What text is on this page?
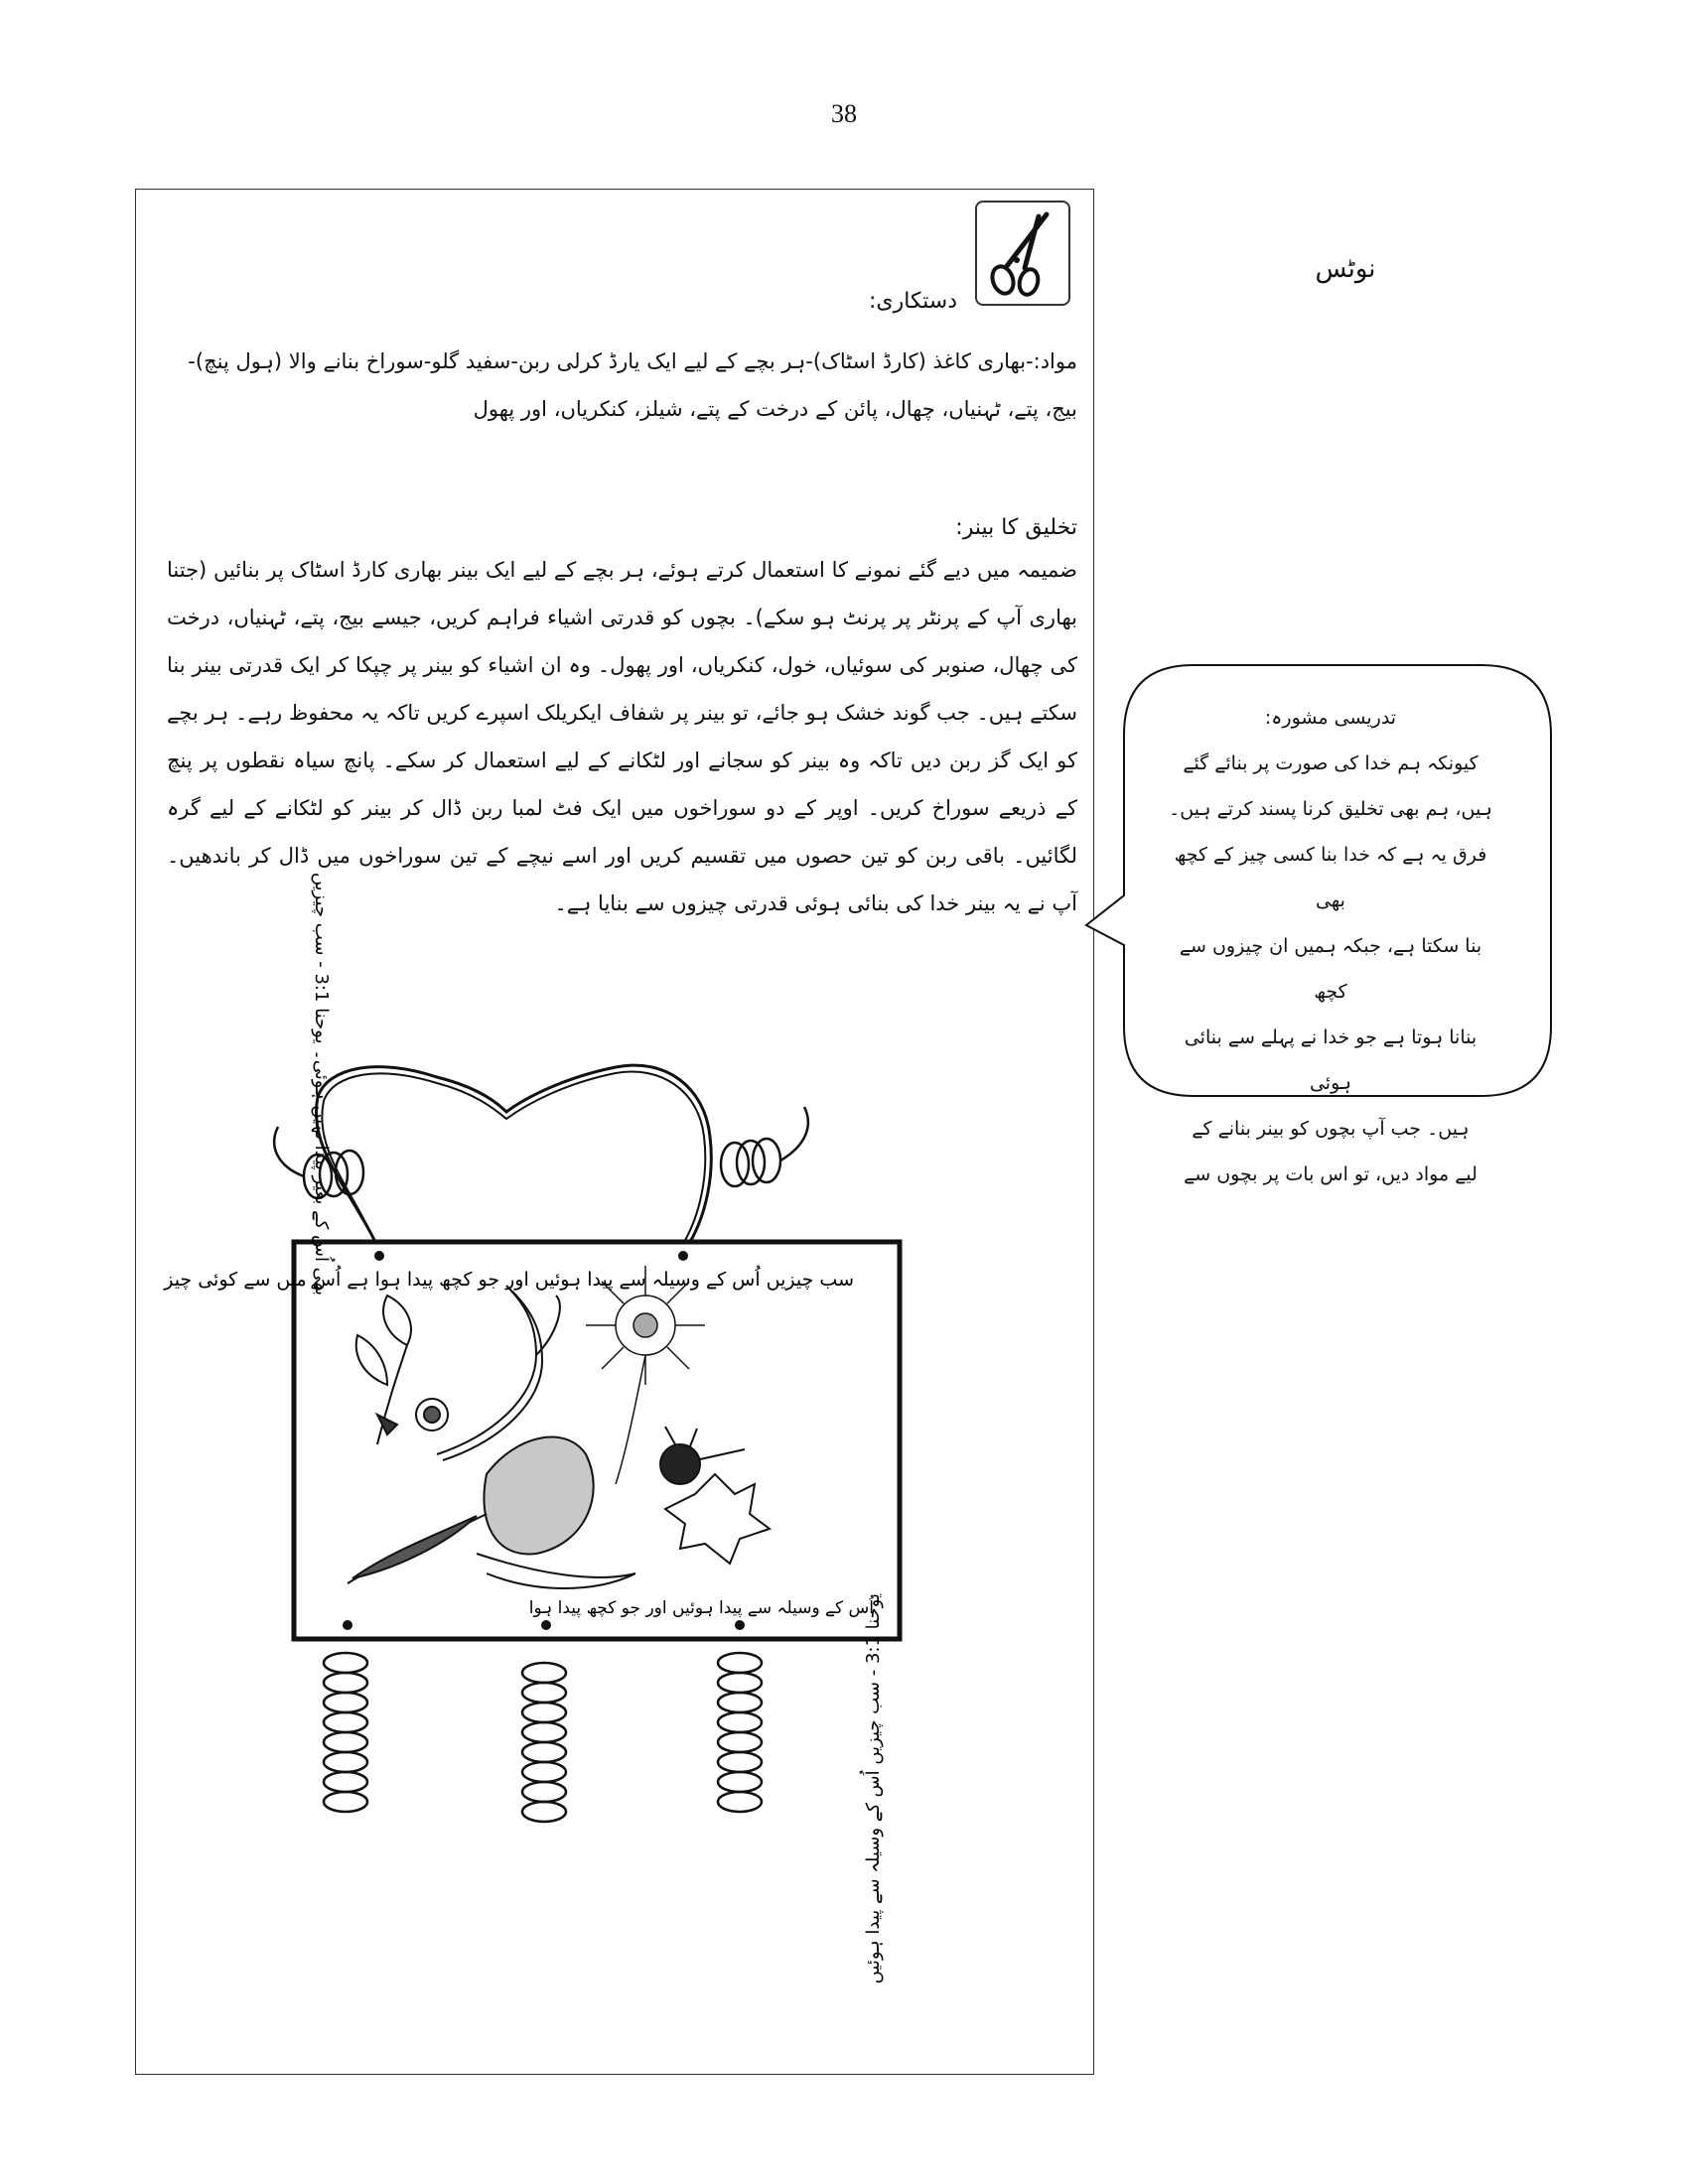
38
نوٹس
دستکاری:
مواد:-بھاری کاغذ (کارڈ اسٹاک)-ہر بچے کے لیے ایک یارڈ کرلی ربن-سفید گلو-سوراخ بنانے والا (ہول پنچ)-بیج، پتے، ٹہنیاں، چھال، پائن کے درخت کے پتے، شیلز، کنکریاں، اور پھول
تخلیق کا بینر:
ضمیمہ میں دیے گئے نمونے کا استعمال کرتے ہوئے، ہر بچے کے لیے ایک بینر بھاری کارڈ اسٹاک پر بنائیں (جتنا بھاری آپ کے پرنٹر پر پرنٹ ہو سکے)۔ بچوں کو قدرتی اشیاء فراہم کریں، جیسے بیج، پتے، ٹہنیاں، درخت کی چھال، صنوبر کی سوئیاں، خول، کنکریاں، اور پھول۔ وہ ان اشیاء کو بینر پر چپکا کر ایک قدرتی بینر بنا سکتے ہیں۔ جب گوند خشک ہو جائے، تو بینر پر شفاف ایکریلک اسپرے کریں تاکہ یہ محفوظ رہے۔ ہر بچے کو ایک گز ربن دیں تاکہ وہ بینر کو سجانے اور لٹکانے کے لیے استعمال کر سکے۔ پانچ سیاہ نقطوں پر پنچ کے ذریعے سوراخ کریں۔ اوپر کے دو سوراخوں میں ایک فٹ لمبا ربن ڈال کر بینر کو لٹکانے کے لیے گرہ لگائیں۔ باقی ربن کو تین حصوں میں تقسیم کریں اور اسے نیچے کے تین سوراخوں میں ڈال کر باندھیں۔ آپ نے یہ بینر خدا کی بنائی ہوئی قدرتی چیزوں سے بنایا ہے۔
تدریسی مشورہ:
کیونکہ ہم خدا کی صورت پر بنائے گئے
ہیں، ہم بھی تخلیق کرنا پسند کرتے ہیں۔
فرق یہ ہے کہ خدا بنا کسی چیز کے کچھ بھی
بنا سکتا ہے، جبکہ ہمیں ان چیزوں سے کچھ
بنانا ہوتا ہے جو خدا نے پہلے سے بنائی ہوئی
ہیں۔ جب آپ بچوں کو بینر بنانے کے
لیے مواد دیں، تو اس بات پر بچوں سے
سب چیزیں اُس کے وسیلہ سے پیدا ہوئیں اور جو کچھ پیدا ہوا ہے اُس میں سے کوئی چیز
بھی اُس کے بغیر پیدا نہیں ہوئی۔ یوحنا 3:1 - سب چیزیں
یوحنا 3:1 - سب چیزیں اُس کے وسیلہ سے پیدا ہوئیں
اُس کے وسیلہ سے پیدا ہوئیں اور جو کچھ پیدا ہوا
